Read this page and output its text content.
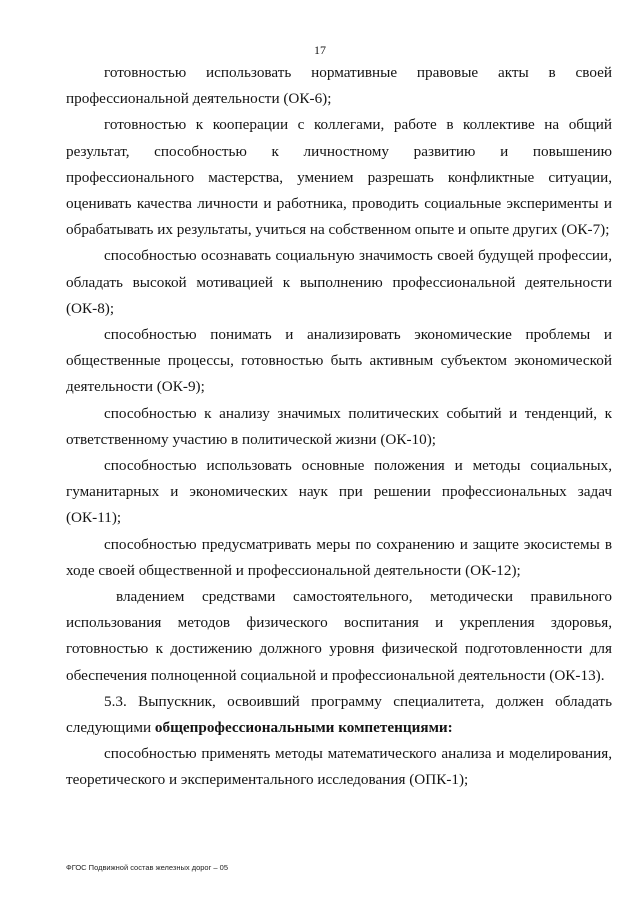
17

готовностью использовать нормативные правовые акты в своей профессиональной деятельности (ОК-6);

готовностью к кооперации с коллегами, работе в коллективе на общий результат, способностью к личностному развитию и повышению профессионального мастерства, умением разрешать конфликтные ситуации, оценивать качества личности и работника, проводить социальные эксперименты и обрабатывать их результаты, учиться на собственном опыте и опыте других (ОК-7);

способностью осознавать социальную значимость своей будущей профессии, обладать высокой мотивацией к выполнению профессиональной деятельности (ОК-8);

способностью понимать и анализировать экономические проблемы и общественные процессы, готовностью быть активным субъектом экономической деятельности (ОК-9);

способностью к анализу значимых политических событий и тенденций, к ответственному участию в политической жизни (ОК-10);

способностью использовать основные положения и методы социальных, гуманитарных и экономических наук при решении профессиональных задач (ОК-11);

способностью предусматривать меры по сохранению и защите экосистемы в ходе своей общественной и профессиональной деятельности (ОК-12);

владением средствами самостоятельного, методически правильного использования методов физического воспитания и укрепления здоровья, готовностью к достижению должного уровня физической подготовленности для обеспечения полноценной социальной и профессиональной деятельности (ОК-13).

5.3. Выпускник, освоивший программу специалитета, должен обладать следующими общепрофессиональными компетенциями:

способностью применять методы математического анализа и моделирования, теоретического и экспериментального исследования (ОПК-1);

ФГОС Подвижной состав железных дорог – 05
